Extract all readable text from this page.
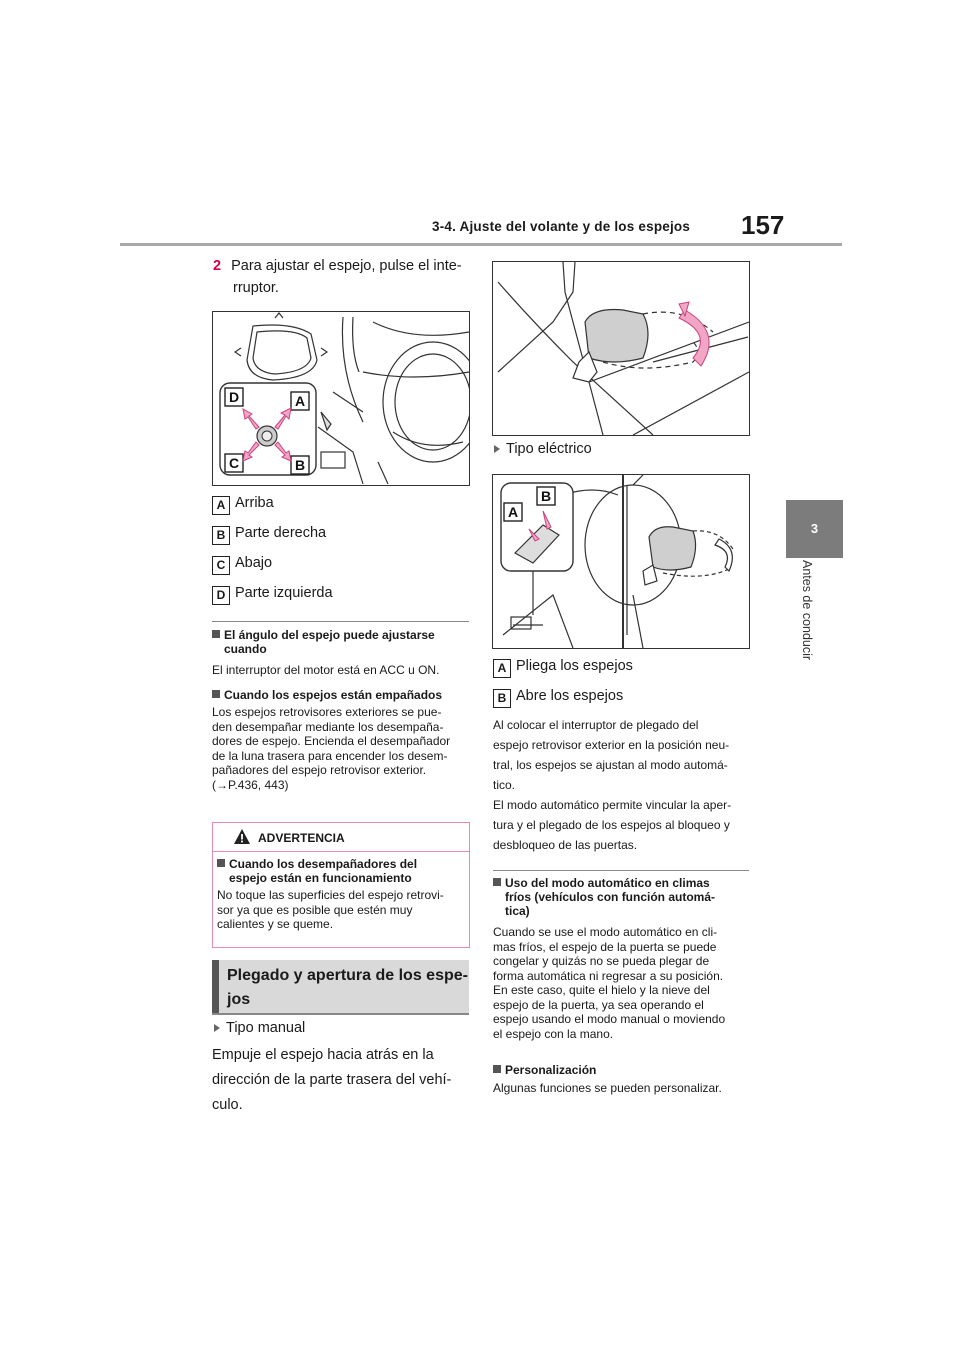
3-4. Ajuste del volante y de los espejos 157
3
Antes de conducir
2 Para ajustar el espejo, pulse el inte-
rruptor.
D	A
C	B
A Arriba
B Parte derecha
C Abajo
D Parte izquierda
El ángulo del espejo puede ajustarse
cuando
El interruptor del motor está en ACC u ON.
Cuando los espejos están empañados
Los espejos retrovisores exteriores se pue-
den desempañar mediante los desempaña-
dores de espejo. Encienda el desempañador
de la luna trasera para encender los desem-
pañadores del espejo retrovisor exterior.
(→P.436, 443)
ADVERTENCIA
Cuando los desempañadores del
espejo están en funcionamiento
No toque las superficies del espejo retrovi-
sor ya que es posible que estén muy
calientes y se queme.
Plegado y apertura de los espe-
jos
Tipo manual
Empuje el espejo hacia atrás en la
dirección de la parte trasera del vehí-
culo.
Tipo eléctrico
B
A
A Pliega los espejos
B Abre los espejos
Al colocar el interruptor de plegado del
espejo retrovisor exterior en la posición neu-
tral, los espejos se ajustan al modo automá-
tico.
El modo automático permite vincular la aper-
tura y el plegado de los espejos al bloqueo y
desbloqueo de las puertas.
Uso del modo automático en climas
fríos (vehículos con función automá-
tica)
Cuando se use el modo automático en cli-
mas fríos, el espejo de la puerta se puede
congelar y quizás no se pueda plegar de
forma automática ni regresar a su posición.
En este caso, quite el hielo y la nieve del
espejo de la puerta, ya sea operando el
espejo usando el modo manual o moviendo
el espejo con la mano.
Personalización
Algunas funciones se pueden personalizar.
